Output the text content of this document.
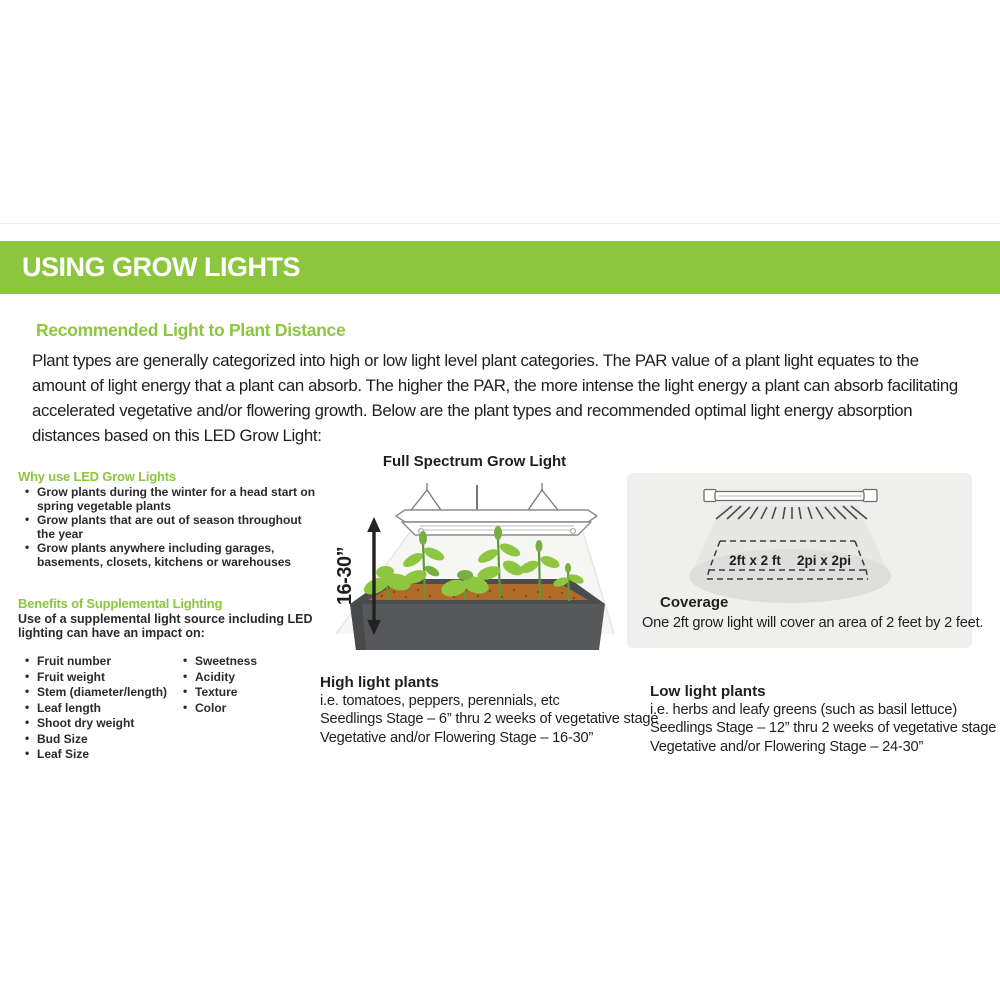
USING GROW LIGHTS
Recommended Light to Plant Distance
Plant types are generally categorized into high or low light level plant categories. The PAR value of a plant light equates to the amount of light energy that a plant can absorb. The higher the PAR, the more intense the light energy a plant can absorb facilitating accelerated vegetative and/or flowering growth. Below are the plant types and recommended optimal light energy absorption distances based on this LED Grow Light:
Why use LED Grow Lights
• Grow plants during the winter for a head start on spring vegetable plants
• Grow plants that are out of season throughout the year
• Grow plants anywhere including garages, basements, closets, kitchens or warehouses
Benefits of Supplemental Lighting
Use of a supplemental light source including LED lighting can have an impact on:
• Fruit number
• Fruit weight
• Stem (diameter/length)
• Leaf length
• Shoot dry weight
• Bud Size
• Leaf Size
• Sweetness
• Acidity
• Texture
• Color
Full Spectrum Grow Light
16-30”	2ft x 2 ft 2pi x 2pi
Coverage
One 2ft grow light will cover an area of 2 feet by 2 feet.
High light plants
i.e. tomatoes, peppers, perennials, etc
Seedlings Stage – 6” thru 2 weeks of vegetative stage
Vegetative and/or Flowering Stage – 16-30”
Low light plants
i.e. herbs and leafy greens (such as basil lettuce)
Seedlings Stage – 12” thru 2 weeks of vegetative stage
Vegetative and/or Flowering Stage – 24-30”
